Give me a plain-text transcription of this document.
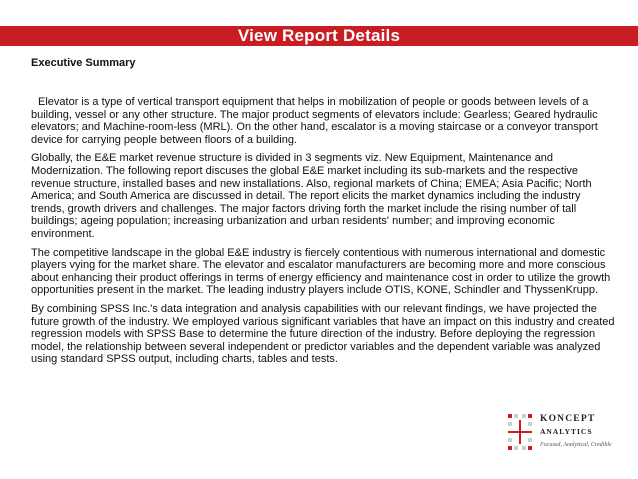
View Report Details
Executive Summary

Elevator is a type of vertical transport equipment that helps in mobilization of people or goods between levels of a building, vessel or any other structure. The major product segments of elevators include: Gearless; Geared hydraulic elevators; and Machine-room-less (MRL). On the other hand, escalator is a moving staircase or a conveyor transport device for carrying people between floors of a building.

Globally, the E&E market revenue structure is divided in 3 segments viz. New Equipment, Maintenance and Modernization. The following report discuses the global E&E market including its sub-markets and the respective revenue structure, installed bases and new installations. Also, regional markets of China; EMEA; Asia Pacific; North America; and South America are discussed in detail. The report elicits the market dynamics including the industry trends, growth drivers and challenges. The major factors driving forth the market include the rising number of tall buildings; ageing population; increasing urbanization and urban residents' number; and improving economic environment.

The competitive landscape in the global E&E industry is fiercely contentious with numerous international and domestic players vying for the market share. The elevator and escalator manufacturers are becoming more and more conscious about enhancing their product offerings in terms of energy efficiency and maintenance cost in order to utilize the growth opportunities present in the market. The leading industry players include OTIS, KONE, Schindler and ThyssenKrupp.

By combining SPSS Inc.'s data integration and analysis capabilities with our relevant findings, we have projected the future growth of the industry. We employed various significant variables that have an impact on this industry and created regression models with SPSS Base to determine the future direction of the industry. Before deploying the regression model, the relationship between several independent or predictor variables and the dependent variable was analyzed using standard SPSS output, including charts, tables and tests.

KONCEPT
ANALYTICS
Focused, Analytical, Credible
